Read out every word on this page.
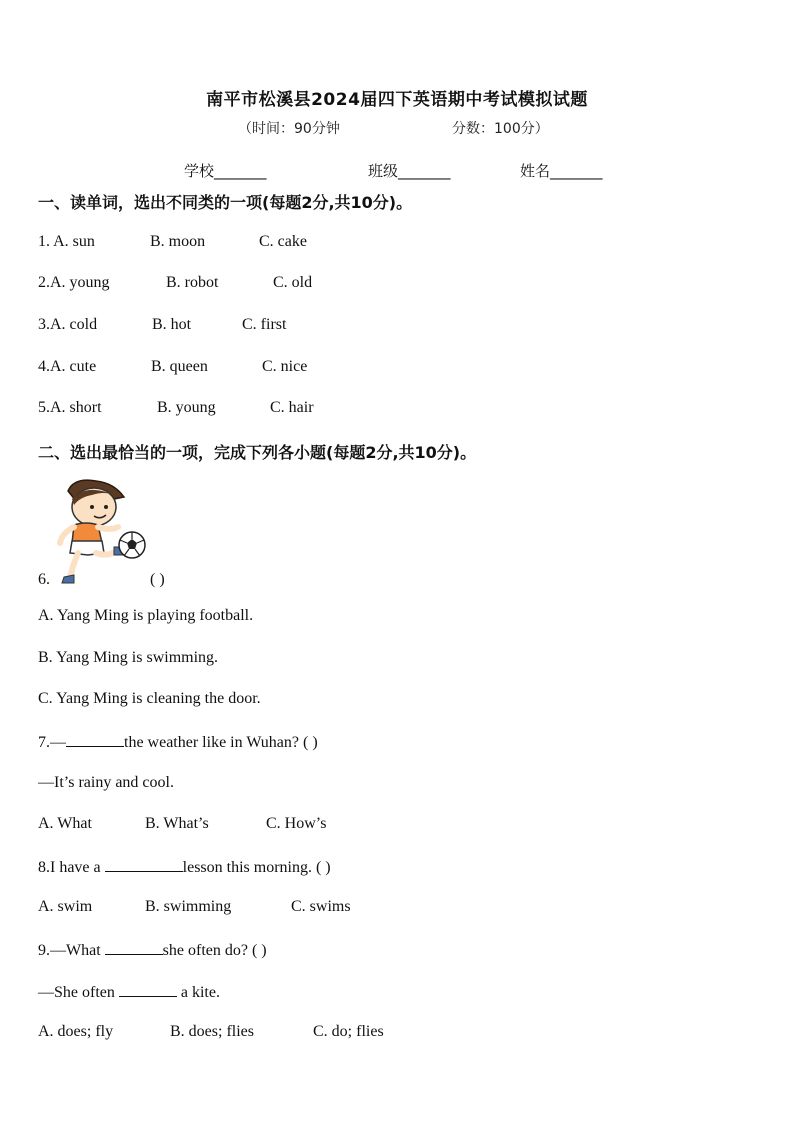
南平市松溪县2024届四下英语期中考试模拟试题
（时间：90分钟	分数：100分）
学校_______	班级_______	姓名_______
一、读单词，选出不同类的一项(每题2分,共10分)。
1. A. sun	B. moon	C. cake
2.A. young	B. robot	C. old
3.A. cold	B. hot	C. first
4.A. cute	B. queen	C. nice
5.A. short	B. young	C. hair
二、选出最恰当的一项，完成下列各小题(每题2分,共10分)。
6.	( )
A. Yang Ming is playing football.
B. Yang Ming is swimming.
C. Yang Ming is cleaning the door.
7.—	the weather like in Wuhan? ( )
—It’s rainy and cool.
A. What	B. What’s	C. How’s
8.I have a	lesson this morning. ( )
A. swim	B. swimming	C. swims
9.—What	she often do? ( )
—She often	a kite.
A. does; fly	B. does; flies	C. do; flies
